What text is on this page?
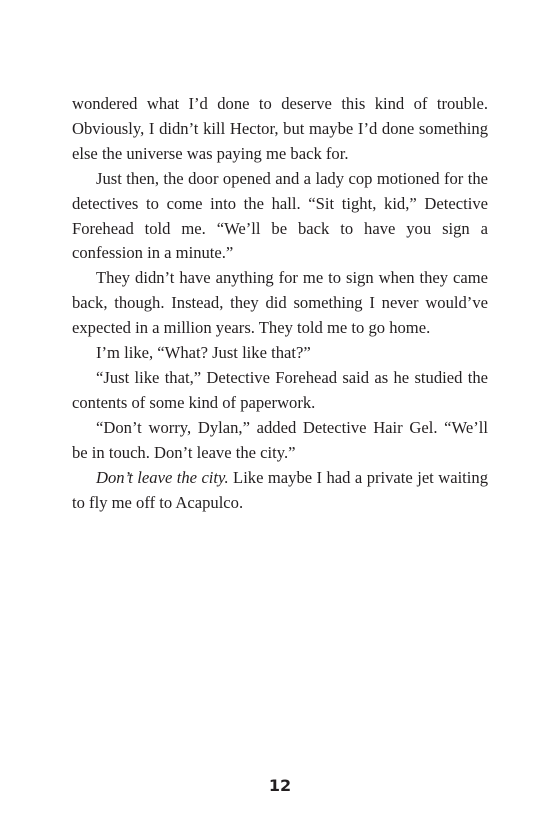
wondered what I’d done to deserve this kind of trouble. Obviously, I didn’t kill Hector, but maybe I’d done something else the universe was paying me back for.

Just then, the door opened and a lady cop motioned for the detectives to come into the hall. “Sit tight, kid,” Detective Forehead told me. “We’ll be back to have you sign a confession in a minute.”

They didn’t have anything for me to sign when they came back, though. Instead, they did something I never would’ve expected in a million years. They told me to go home.

I’m like, “What? Just like that?”

“Just like that,” Detective Forehead said as he studied the contents of some kind of paperwork.

“Don’t worry, Dylan,” added Detective Hair Gel. “We’ll be in touch. Don’t leave the city.”

Don’t leave the city. Like maybe I had a private jet waiting to fly me off to Acapulco.

12
